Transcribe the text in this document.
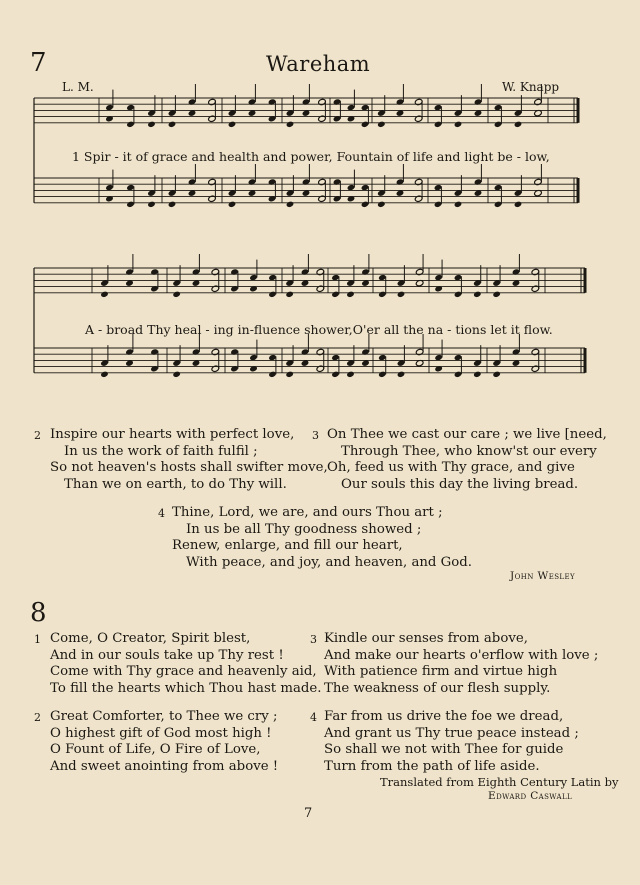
7	Wareham
L. M.	W. Knapp
1 Spir - it of grace and health and power, Fountain of life and light be - low,
A - broad Thy heal - ing in-fluence shower,O'er all the na - tions let it flow.
2 Inspire our hearts with perfect love,
In us the work of faith fulfil ;
So not heaven's hosts shall swifter move,
Than we on earth, to do Thy will.
3 On Thee we cast our care ; we live [need,
Through Thee, who know'st our every
Oh, feed us with Thy grace, and give
Our souls this day the living bread.
4 Thine, Lord, we are, and ours Thou art ;
In us be all Thy goodness showed ;
Renew, enlarge, and fill our heart,
With peace, and joy, and heaven, and God.
John Wesley
8
1 Come, O Creator, Spirit blest,
And in our souls take up Thy rest !
Come with Thy grace and heavenly aid,
To fill the hearts which Thou hast made.
3 Kindle our senses from above,
And make our hearts o'erflow with love ;
With patience firm and virtue high
The weakness of our flesh supply.
2 Great Comforter, to Thee we cry ;
O highest gift of God most high !
O Fount of Life, O Fire of Love,
And sweet anointing from above !
4 Far from us drive the foe we dread,
And grant us Thy true peace instead ;
So shall we not with Thee for guide
Turn from the path of life aside.
Translated from Eighth Century Latin by
Edward Caswall
7
